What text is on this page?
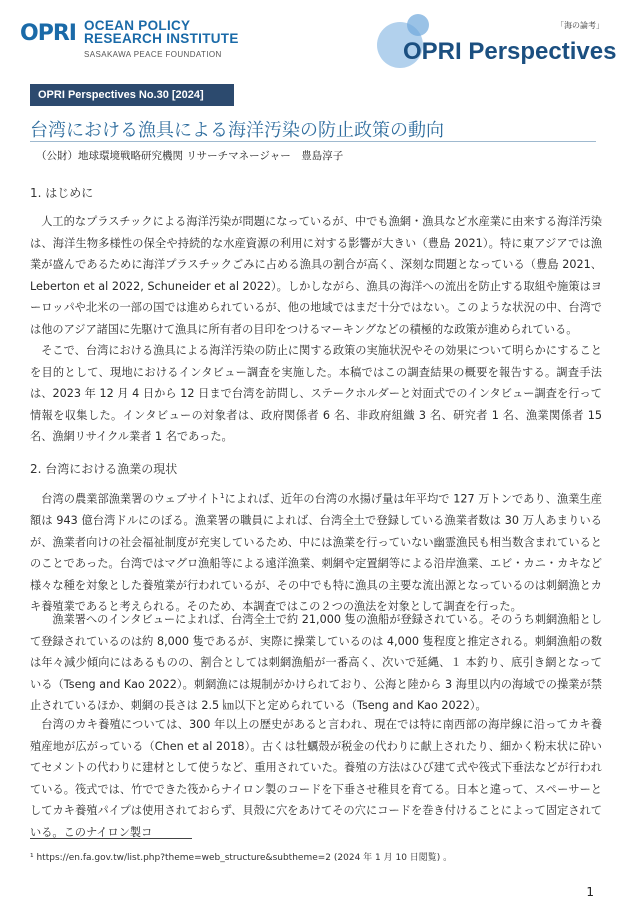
OPRI OCEAN POLICY
RESEARCH INSTITUTE
SASAKAWA PEACE FOUNDATION
「海の論考」
OPRI Perspectives
OPRI Perspectives No.30 [2024]
台湾における漁具による海洋汚染の防止政策の動向
（公財）地球環境戦略研究機関 リサーチマネージャー　豊島淳子
1. はじめに
人工的なプラスチックによる海洋汚染が問題になっているが、中でも漁網・漁具など水産業に由来する海洋汚染は、海洋生物多様性の保全や持続的な水産資源の利用に対する影響が大きい（豊島 2021）。特に東アジアでは漁業が盛んであるために海洋プラスチックごみに占める漁具の割合が高く、深刻な問題となっている（豊島 2021、Leberton et al 2022, Schuneider et al 2022）。しかしながら、漁具の海洋への流出を防止する取組や施策はヨーロッパや北米の一部の国では進められているが、他の地域ではまだ十分ではない。このような状況の中、台湾では他のアジア諸国に先駆けて漁具に所有者の目印をつけるマーキングなどの積極的な政策が進められている。
そこで、台湾における漁具による海洋汚染の防止に関する政策の実施状況やその効果について明らかにすることを目的として、現地におけるインタビュー調査を実施した。本稿ではこの調査結果の概要を報告する。調査手法は、2023 年 12 月 4 日から 12 日まで台湾を訪問し、ステークホルダーと対面式でのインタビュー調査を行って情報を収集した。インタビューの対象者は、政府関係者 6 名、非政府組織 3 名、研究者 1 名、漁業関係者 15 名、漁網リサイクル業者 1 名であった。
2. 台湾における漁業の現状
台湾の農業部漁業署のウェブサイト$^1$によれば、近年の台湾の水揚げ量は年平均で 127 万トンであり、漁業生産額は 943 億台湾ドルにのぼる。漁業署の職員によれば、台湾全土で登録している漁業者数は 30 万人あまりいるが、漁業者向けの社会福祉制度が充実しているため、中には漁業を行っていない幽霊漁民も相当数含まれているとのことであった。台湾ではマグロ漁船等による遠洋漁業、刺網や定置網等による沿岸漁業、エビ・カニ・カキなど様々な種を対象とした養殖業が行われているが、その中でも特に漁具の主要な流出源となっているのは刺網漁とカキ養殖業であると考えられる。そのため、本調査ではこの２つの漁法を対象として調査を行った。
漁業署へのインタビューによれば、台湾全土で約 21,000 隻の漁船が登録されている。そのうち刺網漁船として登録されているのは約 8,000 隻であるが、実際に操業しているのは 4,000 隻程度と推定される。刺網漁船の数は年々減少傾向にはあるものの、割合としては刺網漁船が一番高く、次いで延縄、１ 本釣り、底引き網となっている（Tseng and Kao 2022）。刺網漁には規制がかけられており、公海と陸から 3 海里以内の海域での操業が禁止されているほか、刺網の長さは 2.5 ㎞以下と定められている（Tseng and Kao 2022）。
台湾のカキ養殖については、300 年以上の歴史があると言われ、現在では特に南西部の海岸線に沿ってカキ養殖産地が広がっている（Chen et al 2018）。古くは牡蠣殻が税金の代わりに献上されたり、細かく粉末状に砕いてセメントの代わりに建材として使うなど、重用されていた。養殖の方法はひび建て式や筏式下垂法などが行われている。筏式では、竹でできた筏からナイロン製のコードを下垂させ稚貝を育てる。日本と違って、スペーサーとしてカキ養殖パイプは使用されておらず、貝殻に穴をあけてその穴にコードを巻き付けることによって固定されている。このナイロン製コ
¹ https://en.fa.gov.tw/list.php?theme=web_structure&subtheme=2 (2024 年 1 月 10 日閲覧) 。
1
